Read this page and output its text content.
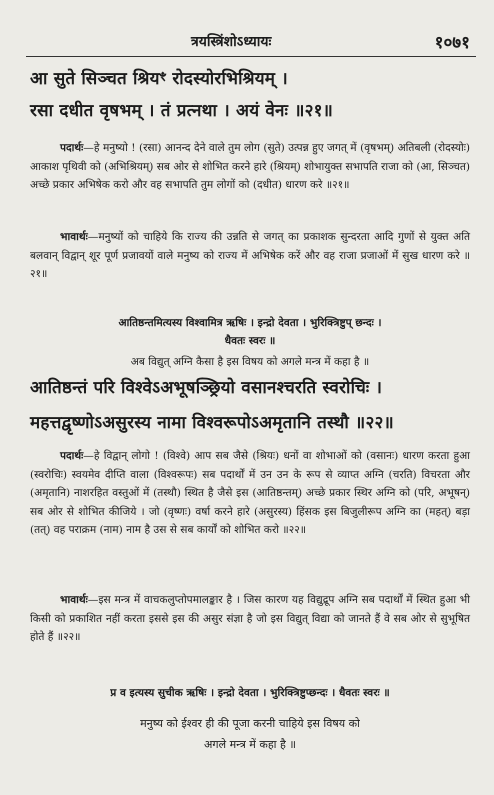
त्रयस्त्रिंशोऽध्यायः	१०७१
आ सुते सिञ्चत श्रियꣳ रोदस्योरभिश्रियम् ।
रसा दधीत वृषभम् । तं प्रत्नथा । अयं वेनः ॥२१॥
पदार्थः—हे मनुष्यो ! (रसा) आनन्द देने वाले तुम लोग (सुते) उत्पन्न हुए जगत् में (वृषभम्) अतिबली (रोदस्योः) आकाश पृथिवी को (अभिश्रियम्) सब ओर से शोभित करने हारे (श्रियम्) शोभायुक्त सभापति राजा को (आ, सिञ्चत) अच्छे प्रकार अभिषेक करो और वह सभापति तुम लोगों को (दधीत) धारण करे ॥२१॥
भावार्थः—मनुष्यों को चाहिये कि राज्य की उन्नति से जगत् का प्रकाशक सुन्दरता आदि गुणों से युक्त अति बलवान् विद्वान् शूर पूर्ण प्रजावयों वाले मनुष्य को राज्य में अभिषेक करें और वह राजा प्रजाओं में सुख धारण करे ॥२१॥
आतिष्ठन्तमित्यस्य विश्वामित्र ऋषिः । इन्द्रो देवता । भुरिक्त्रिष्टुप् छन्दः ।
धैवतः स्वरः ॥
अब विद्युत् अग्नि कैसा है इस विषय को अगले मन्त्र में कहा है ॥
आतिष्ठन्तं परि विश्वेऽअभूषञ्छ्रियो वसानश्चरति स्वरोचिः ।
महत्तद्वृष्णोऽअसुरस्य नामा विश्वरूपोऽअमृतानि तस्थौ ॥२२॥
पदार्थः—हे विद्वान् लोगो ! (विश्वे) आप सब जैसे (श्रियः) धनों वा शोभाओं को (वसानः) धारण करता हुआ (स्वरोचिः) स्वयमेव दीप्ति वाला (विश्वरूपः) सब पदार्थों में उन उन के रूप से व्याप्त अग्नि (चरति) विचरता और (अमृतानि) नाशरहित वस्तुओं में (तस्थौ) स्थित है जैसे इस (आतिष्ठन्तम्) अच्छे प्रकार स्थिर अग्नि को (परि, अभूषन्) सब ओर से शोभित कीजिये । जो (वृष्णः) वर्षा करने हारे (असुरस्य) हिंसक इस बिजुलीरूप अग्नि का (महत्) बड़ा (तत्) वह पराक्रम (नाम) नाम है उस से सब कार्यों को शोभित करो ॥२२॥
भावार्थः—इस मन्त्र में वाचकलुप्तोपमालङ्कार है । जिस कारण यह विद्युद्रूप अग्नि सब पदार्थों में स्थित हुआ भी किसी को प्रकाशित नहीं करता इससे इस की असुर संज्ञा है जो इस विद्युत् विद्या को जानते हैं वे सब ओर से सुभूषित होते हैं ॥२२॥
प्र व इत्यस्य सुचीक ऋषिः । इन्द्रो देवता । भुरिक्त्रिष्टुप्छन्दः । धैवतः स्वरः ॥
मनुष्य को ईश्वर ही की पूजा करनी चाहिये इस विषय को
अगले मन्त्र में कहा है ॥
